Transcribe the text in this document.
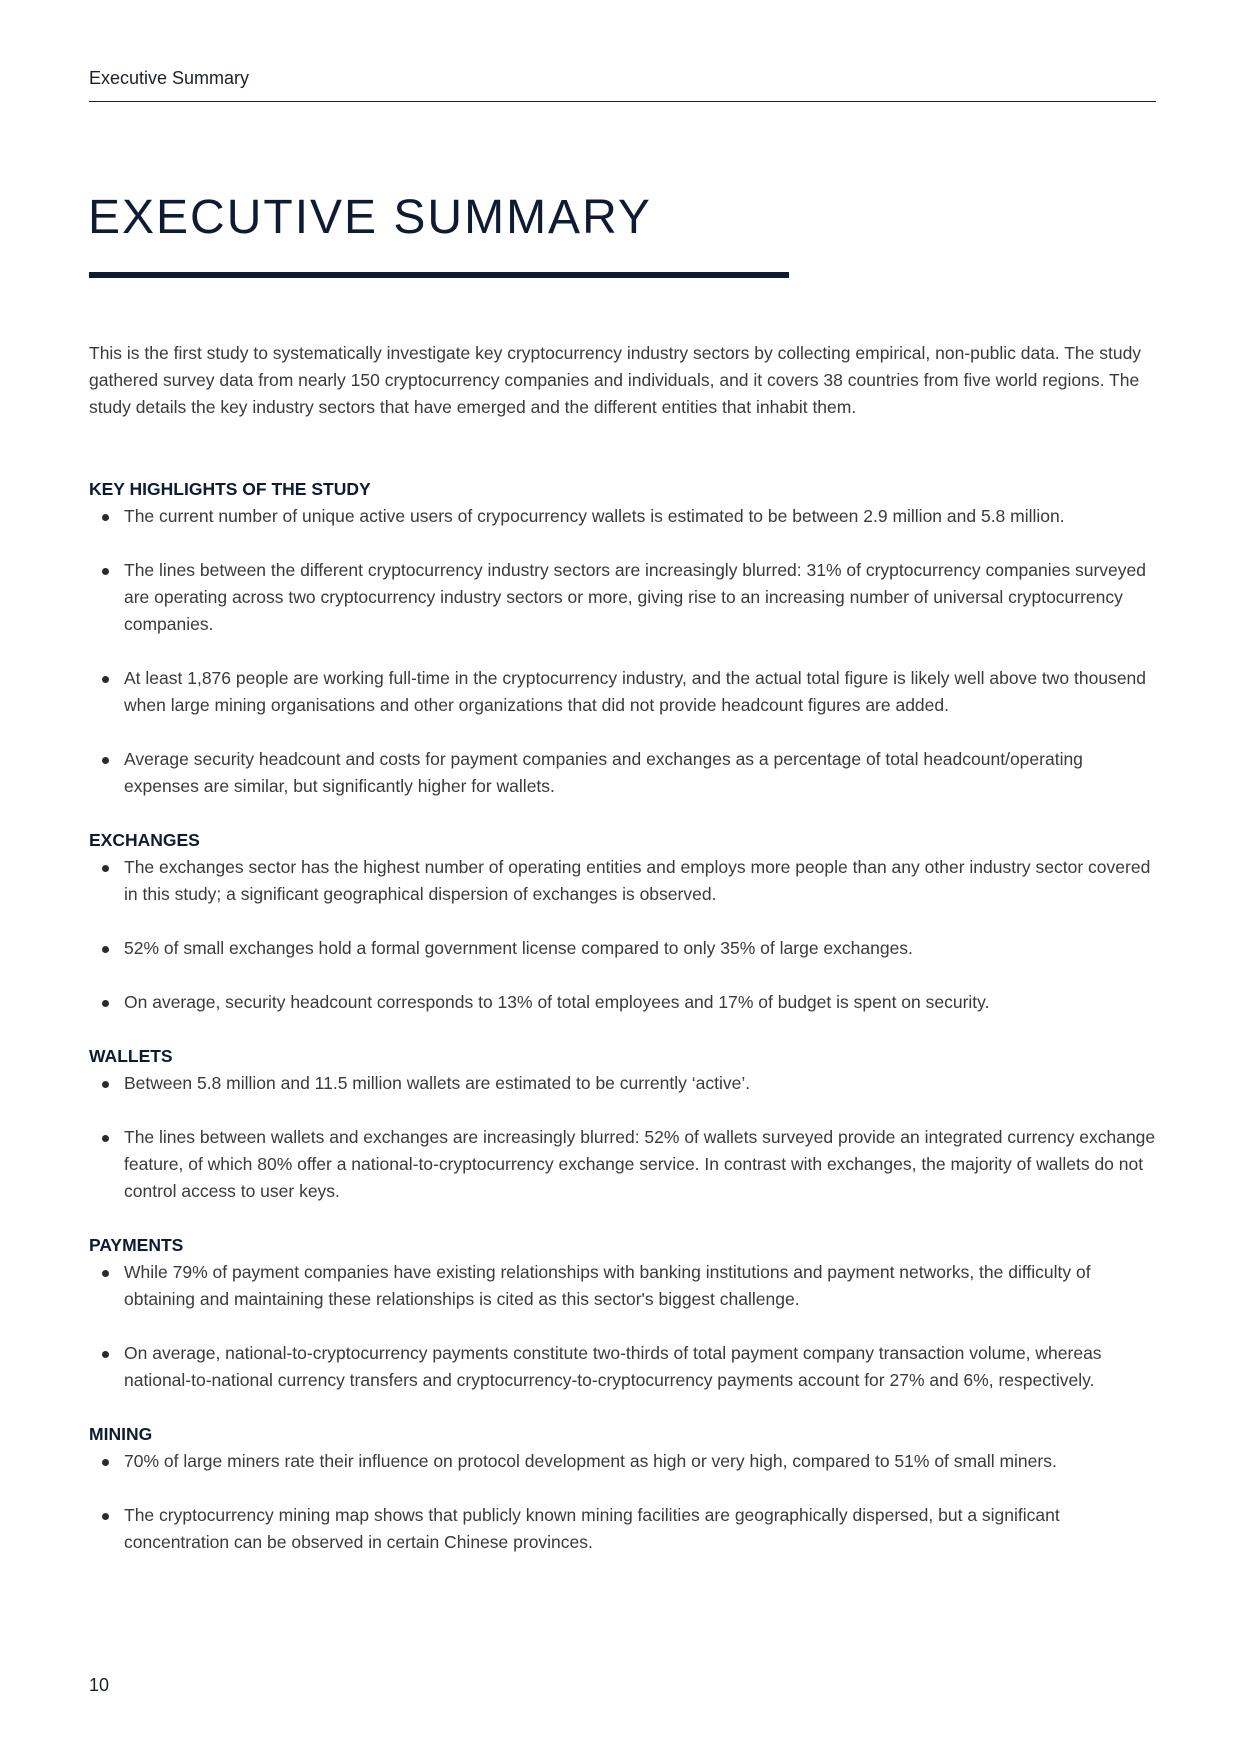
Executive Summary
EXECUTIVE SUMMARY

This is the first study to systematically investigate key cryptocurrency industry sectors by collecting empirical, non-public data. The study gathered survey data from nearly 150 cryptocurrency companies and individuals, and it covers 38 countries from five world regions. The study details the key industry sectors that have emerged and the different entities that inhabit them.

KEY HIGHLIGHTS OF THE STUDY
The current number of unique active users of crypocurrency wallets is estimated to be between 2.9 million and 5.8 million.
The lines between the different cryptocurrency industry sectors are increasingly blurred: 31% of cryptocurrency companies surveyed are operating across two cryptocurrency industry sectors or more, giving rise to an increasing number of universal cryptocurrency companies.
At least 1,876 people are working full-time in the cryptocurrency industry, and the actual total figure is likely well above two thousend when large mining organisations and other organizations that did not provide headcount figures are added.
Average security headcount and costs for payment companies and exchanges as a percentage of total headcount/operating expenses are similar, but significantly higher for wallets.
EXCHANGES
The exchanges sector has the highest number of operating entities and employs more people than any other industry sector covered in this study; a significant geographical dispersion of exchanges is observed.
52% of small exchanges hold a formal government license compared to only 35% of large exchanges.
On average, security headcount corresponds to 13% of total employees and 17% of budget is spent on security.
WALLETS
Between 5.8 million and 11.5 million wallets are estimated to be currently ‘active’.
The lines between wallets and exchanges are increasingly blurred: 52% of wallets surveyed provide an integrated currency exchange feature, of which 80% offer a national-to-cryptocurrency exchange service. In contrast with exchanges, the majority of wallets do not control access to user keys.
PAYMENTS
While 79% of payment companies have existing relationships with banking institutions and payment networks, the difficulty of obtaining and maintaining these relationships is cited as this sector's biggest challenge.
On average, national-to-cryptocurrency payments constitute two-thirds of total payment company transaction volume, whereas national-to-national currency transfers and cryptocurrency-to-cryptocurrency payments account for 27% and 6%, respectively.
MINING
70% of large miners rate their influence on protocol development as high or very high, compared to 51% of small miners.
The cryptocurrency mining map shows that publicly known mining facilities are geographically dispersed, but a significant concentration can be observed in certain Chinese provinces.
10
